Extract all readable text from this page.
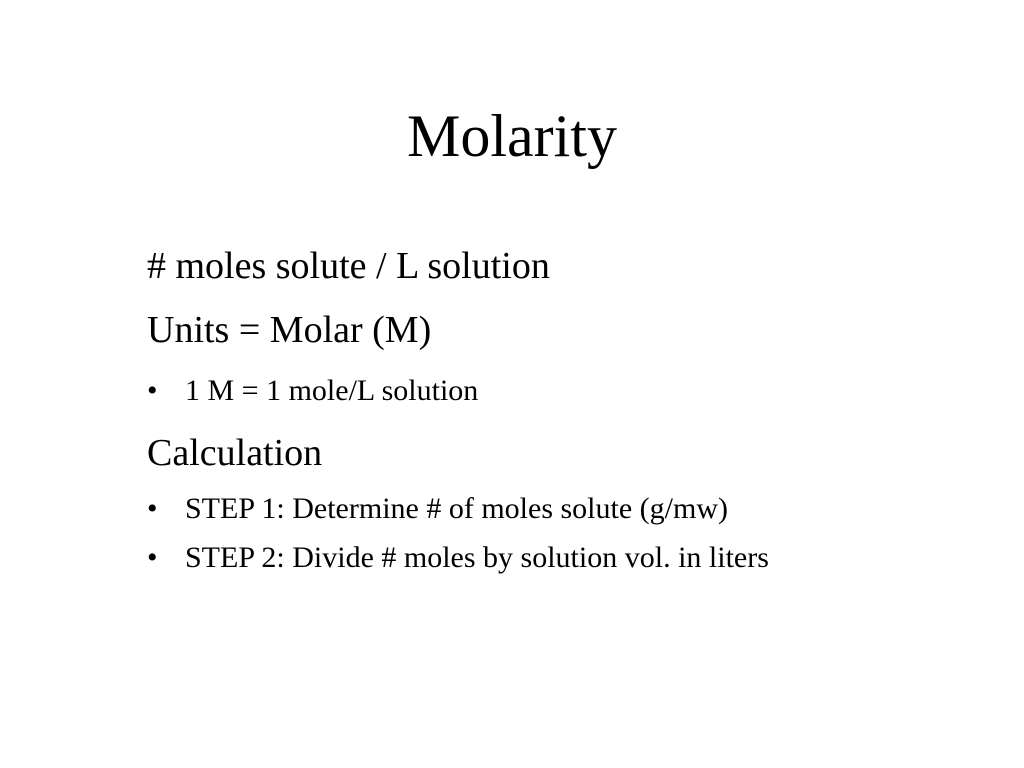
Molarity

# moles solute / L solution

Units = Molar (M)

• 1 M = 1 mole/L solution

Calculation

• STEP 1: Determine # of moles solute (g/mw)

• STEP 2: Divide # moles by solution vol. in liters
